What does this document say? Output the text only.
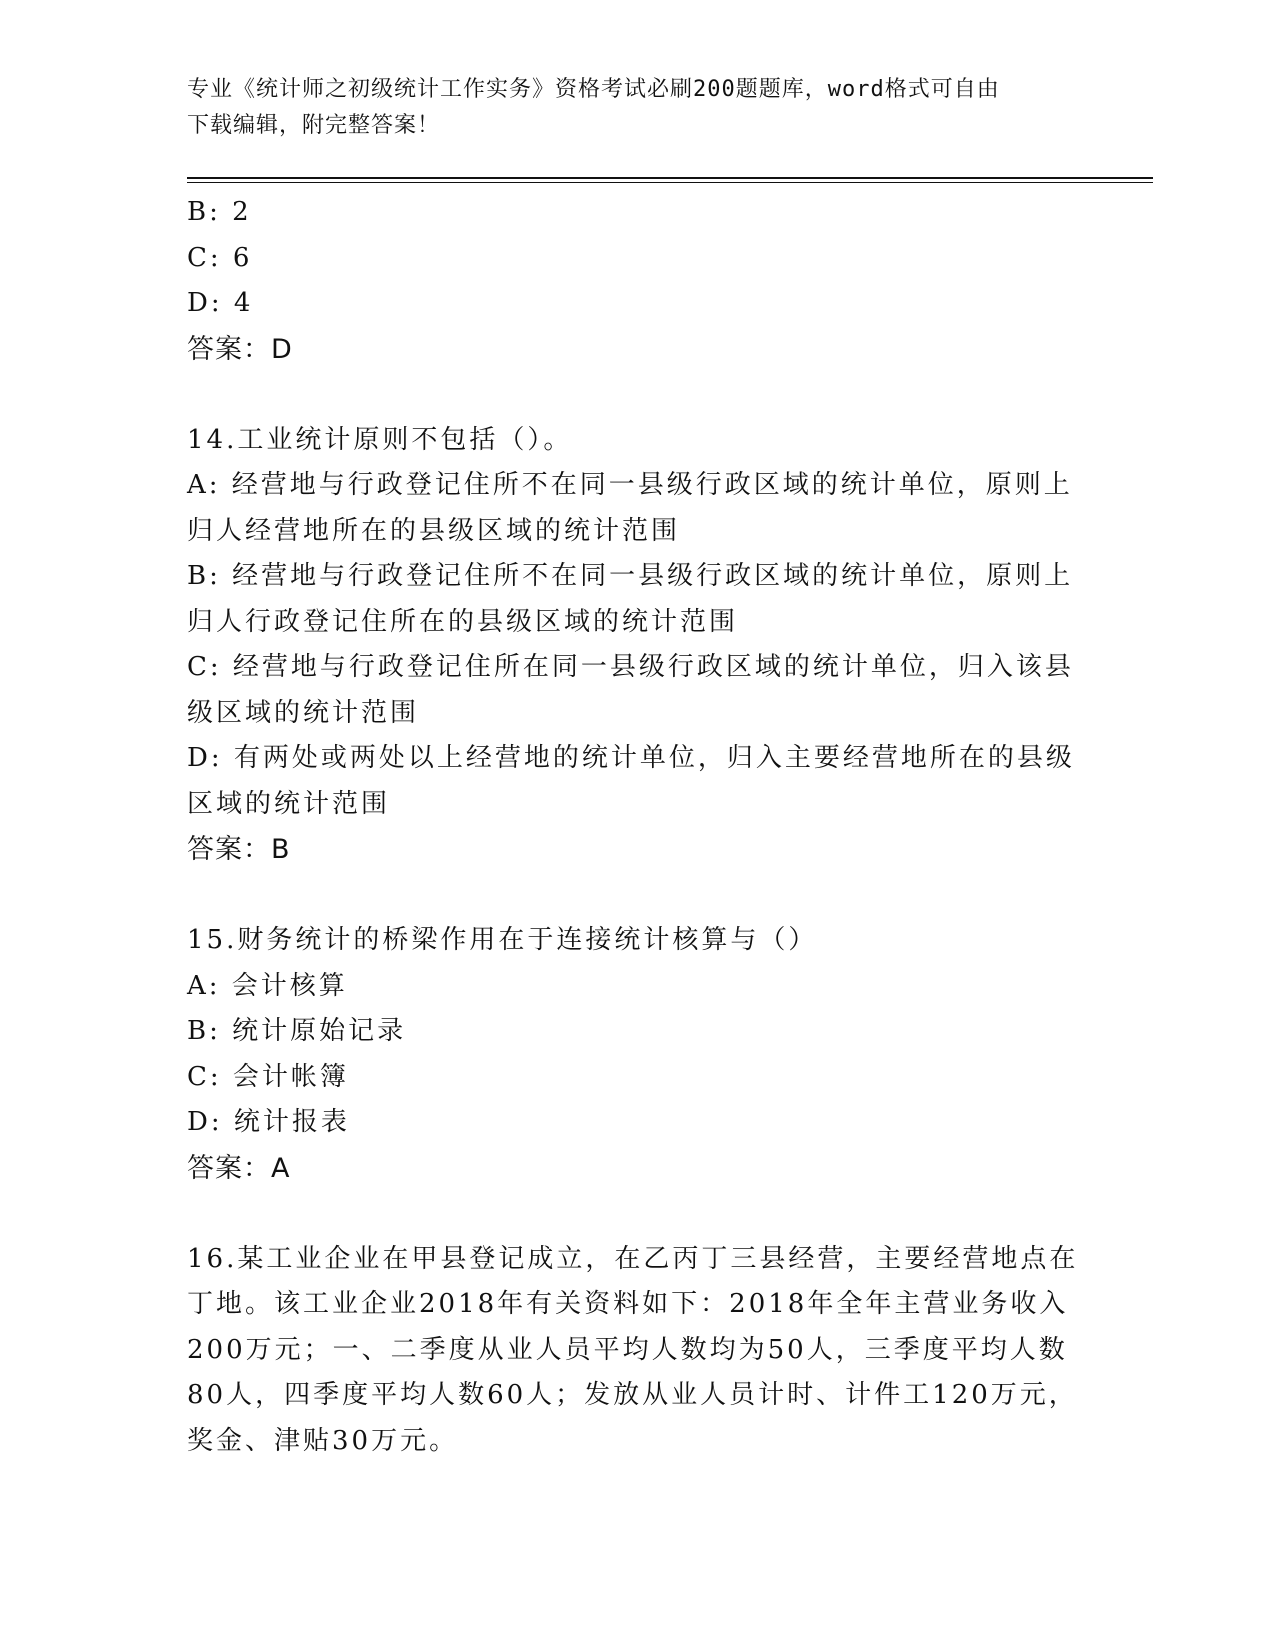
专业《统计师之初级统计工作实务》资格考试必刷200题题库，word格式可自由
下载编辑，附完整答案！
B: 2
C: 6
D: 4
答案：D
14.工业统计原则不包括（）。
A: 经营地与行政登记住所不在同一县级行政区域的统计单位，原则上
归人经营地所在的县级区域的统计范围
B: 经营地与行政登记住所不在同一县级行政区域的统计单位，原则上
归人行政登记住所在的县级区域的统计范围
C: 经营地与行政登记住所在同一县级行政区域的统计单位，归入该县
级区域的统计范围
D: 有两处或两处以上经营地的统计单位，归入主要经营地所在的县级
区域的统计范围
答案：B
15.财务统计的桥梁作用在于连接统计核算与（）
A: 会计核算
B: 统计原始记录
C: 会计帐簿
D: 统计报表
答案：A
16.某工业企业在甲县登记成立，在乙丙丁三县经营，主要经营地点在
丁地。该工业企业2018年有关资料如下：2018年全年主营业务收入
200万元；一、二季度从业人员平均人数均为50人，三季度平均人数
80人，四季度平均人数60人；发放从业人员计时、计件工120万元，
奖金、津贴30万元。
